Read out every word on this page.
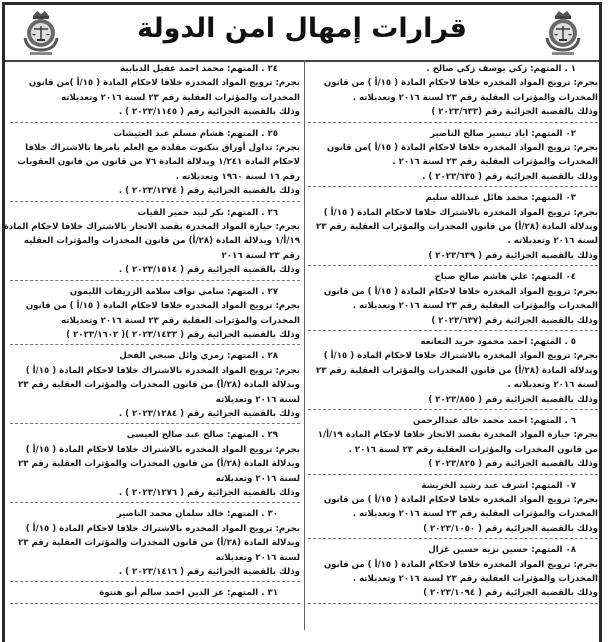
قرارات إمهال امن الدولة
١ . المتهم: زكي يوسف زكي صالح .
بجرم: ترويج المواد المخدره خلافا لاحكام المادة ( ١٥/أ ) من قانون
المخدرات والمؤثرات العقلية رقم ٢٣ لسنة ٢٠١٦ وتعديلاته .
وذلك بالقضية الجزائية رقم (٢٠٢٣/٦٣٣ )
٠٢ المتهم: اياد تيسير صالح الناصير
بجرم: ترويج المواد المخدره خلافا لاحكام المادة ( ١٥/أ )من قانون
المخدرات والمؤثرات العقلية رقم ٢٣ لسنة ٢٠١٦ .
وذلك بالقضية الجزائية رقم ( ٢٠٢٣/٦٣٥ ) .
٠٣ المتهم: محمد هائل عبدالله سليم
بجرم: ترويج المواد المخدره بالاشتراك خلافا لاحكام المادة ( ١٥/أ )
وبدلالة المادة (٢٨/أ) من قانون المخدرات والمؤثرات العقلية رقم ٢٣
لسنة ٢٠١٦ وتعديلاته .
وذلك بالقضية الجزائية رقم ( ٢٠٢٣/٦٣٩ )
٠٤ المتهم: علي هاشم صالح صباح
بجرم: ترويج المواد المخدره خلافا لاحكام المادة ( ١٥/أ ) من قانون
المخدرات والمؤثرات العقلية رقم ٢٣ لسنة ٢٠١٦ وتعديلاته .
وذلك بالقضية الجزائية رقم (٢٠٢٣/٦٣٧ )
٥ . المتهم: احمد محمود جريد التعانعه
بجرم: ترويج المواد المخدره بالاشتراك خلافا لاحكام المادة ( ١٥/أ )
وبدلالة المادة (٢٨/أ) من قانون المخدرات والمؤثرات العقلية رقم ٢٣
لسنة ٢٠١٦ وتعديلاته .
وذلك بالقضية الجزائية رقم ( ٢٠٢٣/٨٥٥ )
٦ . المتهم: احمد محمد خالد عبدالرحمن
بجرم: حيازة المواد المخدرة بقصد الاتجار خلافا لاحكام المادة ١٩/أ/١
من قانون المخدرات والمؤثرات العقلية رقم ٢٣ لسنة ٢٠١٦ .
وذلك بالقضية الجزائية رقم ( ٢٠٢٣/٨٢٥ )
٠٧ المتهم: اشرف عبد رشيد الخريشة
بجرم: ترويج المواد المخدره خلافا لاحكام المادة ( ١٥/أ ) من قانون
المخدرات والمؤثرات العقلية رقم ٢٣ لسنة ٢٠١٦ وتعديلاته .
وذلك بالقضية الجزائية رقم ( ٢٠٢٣/١٠٥٠ )
٠٨ المتهم: حسين نزيه حسين غزال
بجرم: ترويج المواد المخدره خلافا لاحكام المادة ( ١٥/أ ) من قانون
المخدرات والمؤثرات العقلية رقم ٢٣ لسنة ٢٠١٦ وتعديلاته .
وذلك بالقضية الجزائية رقم ( ٢٠٢٣/١٠٩٤ )
٢٤ . المتهم: محمد احمد عقيل الدبابية
بجرم: ترويج المواد المخدره خلافا لاحكام المادة ( ١٥/أ )من قانون
المخدرات والمؤثرات العقلية رقم ٢٣ لسنة ٢٠١٦ وتعديلاته
وذلك بالقضية الجزائية رقم ( ٢٠٢٣/١١٤٥ ) .
٢٥ . المتهم: هشام مسلم عبد العثيشات
بجرم: تداول أوراق بنكنوت مقلدة مع العلم بامرها بالاشتراك خلافا
لاحكام المادة ١/٢٤١ وبدلالة المادة ٧٦ من قانون من قانون العقوبات
رقم ١٦ لسنة ١٩٦٠ وتعديلاته .
وذلك بالقضية الجزائية رقم ( ٢٠٢٣/١٢٧٤ ) .
٢٦ . المتهم: بكر لبيد حمير القيات
بجرم: حيازة المواد المخدرة بقصد الاتجار بالاشتراك خلافا لاحكام المادة
١٩/أ/١ وبدلالة المادة (٢٨/أ) من قانون المخدرات والمؤثرات العقليه
رقم ٢٣ لسنة ٢٠١٦
وذلك بالقضية الجزائية رقم ( ٢٠٢٣/١٥١٤ ) .
٢٧ . المتهم: سامي نواف سلامه الزريقات الليمون
بجرم: ترويج المواد المخدره خلافا لاحكام المادة ( ١٥/أ ) من قانون
المخدرات والمؤثرات العقلية رقم ٢٣ لسنة ٢٠١٦ وتعديلاته
وذلك بالقضية الجزائية رقم ( ٢٠٢٣/١٤٣٣ )( ٢٠٢٣/١٦٠٢ )
٢٨ . المتهم: رمزي وائل صبحي الفحل
بجرم: ترويج المواد المخدره بالاشتراك خلافا لاحكام المادة ( ١٥/أ )
وبدلالة المادة (٢٨/أ) من قانون المخدرات والمؤثرات العقلية رقم ٢٣
لسنة ٢٠١٦ وتعديلاته
وذلك بالقضية الجزائية رقم ( ٢٠٢٣/١٢٨٤ ) .
٢٩ . المتهم: صالح عبد صالح العيسى
بجرم: ترويج المواد المخدره بالاشتراك خلافا لاحكام المادة ( ١٥/أ )
وبدلالة المادة (٢٨/أ) من قانون المخدرات والمؤثرات العقلية رقم ٢٣
لسنة ٢٠١٦ وتعديلاته
وذلك بالقضية الجزائية رقم ( ٢٠٢٣/١٢٧٦ ) .
٣٠ . المتهم: خالد سلمان محمد الناصير
بجرم: ترويج المواد المخدره بالاشتراك خلافا لاحكام المادة ( ١٥/أ )
وبدلالة المادة (٢٨/أ) من قانون المخدرات والمؤثرات العقلية رقم ٢٣
لسنة ٢٠١٦ وتعديلاته
وذلك بالقضية الجزائية رقم ( ٢٠٢٣/١٤١٦ ) .
٣١ . المتهم: عز الدين احمد سالم أبو هنتوة
